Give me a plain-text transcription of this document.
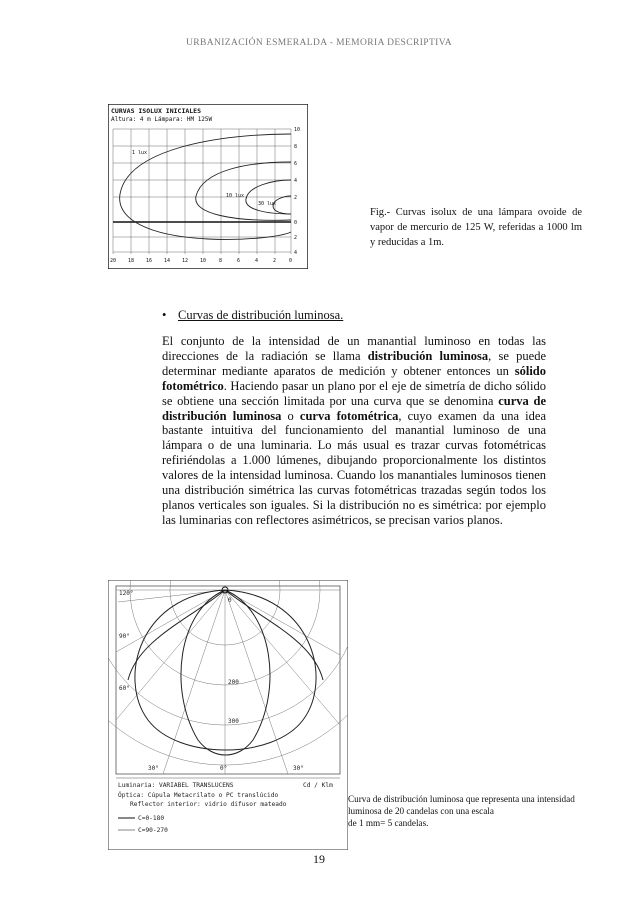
URBANIZACIÓN ESMERALDA - MEMORIA DESCRIPTIVA
CURVAS ISOLUX INICIALES
Altura: 4 m Lámpara: HM 125W
1 lux
10 lux
30 lux
20 18 16 14 12 10	8	6	4	2	0
10
8
6
4
2
0
2
4
Fig.- Curvas isolux de una lámpara ovoide de vapor de mercurio de 125 W, referidas a 1000 lm y reducidas a 1m.
• Curvas de distribución luminosa.
El conjunto de la intensidad de un manantial luminoso en todas las direcciones de la radiación se llama distribución luminosa, se puede determinar mediante aparatos de medición y obtener entonces un sólido fotométrico. Haciendo pasar un plano por el eje de simetría de dicho sólido se obtiene una sección limitada por una curva que se denomina curva de distribución luminosa o curva fotométrica, cuyo examen da una idea bastante intuitiva del funcionamiento del manantial luminoso de una lámpara o de una luminaria. Lo más usual es trazar curvas fotométricas refiriéndolas a 1.000 lúmenes, dibujando proporcionalmente los distintos valores de la intensidad luminosa. Cuando los manantiales luminosos tienen una distribución simétrica las curvas fotométricas trazadas según todos los planos verticales son iguales. Si la distribución no es simétrica: por ejemplo las luminarias con reflectores asimétricos, se precisan varios planos.
120°
90°
60°
30°	0°	30°
0
200
300
Luminaria: VARIABEL TRANSLUCENS	Cd / Klm
Óptica: Cúpula Metacrilato o PC translúcido
Reflector interior: vidrio difusor mateado
C=0-180
C=90-270
Curva de distribución luminosa que representa una intensidad
luminosa de 20 candelas con una escala
de 1 mm= 5 candelas.
19
